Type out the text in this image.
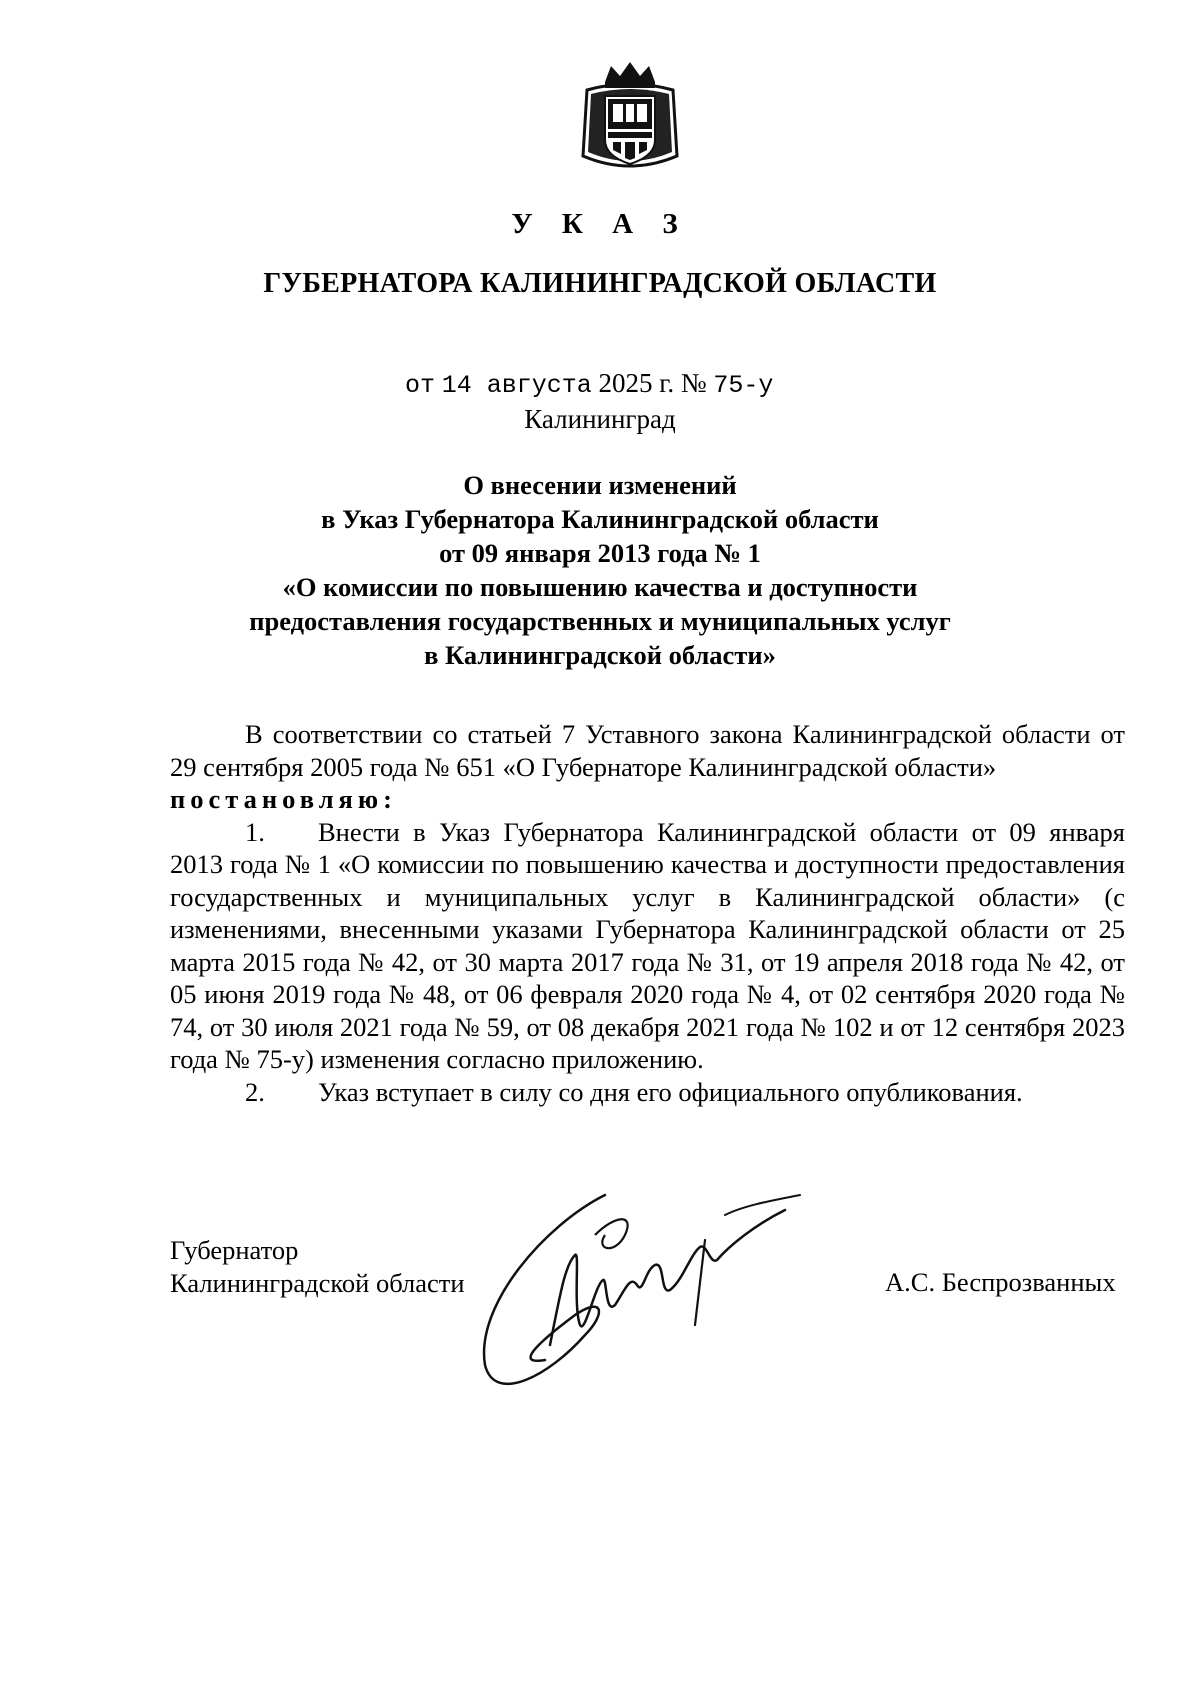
У К А З
ГУБЕРНАТОРА КАЛИНИНГРАДСКОЙ ОБЛАСТИ
от 14 августа 2025 г. № 75-у
Калининград
О внесении изменений
в Указ Губернатора Калининградской области
от 09 января 2013 года № 1
«О комиссии по повышению качества и доступности
предоставления государственных и муниципальных услуг
в Калининградской области»

В соответствии со статьей 7 Уставного закона Калининградской области от 29 сентября 2005 года № 651 «О Губернаторе Калининградской области»

постановляю:

1. Внести в Указ Губернатора Калининградской области от 09 января 2013 года № 1 «О комиссии по повышению качества и доступности предоставления государственных и муниципальных услуг в Калининградской области» (с изменениями, внесенными указами Губернатора Калининградской области от 25 марта 2015 года № 42, от 30 марта 2017 года № 31, от 19 апреля 2018 года № 42, от 05 июня 2019 года № 48, от 06 февраля 2020 года № 4, от 02 сентября 2020 года № 74, от 30 июля 2021 года № 59, от 08 декабря 2021 года № 102 и от 12 сентября 2023 года № 75-у) изменения согласно приложению.

2. Указ вступает в силу со дня его официального опубликования.

Губернатор
Калининградской области	А.С. Беспрозванных
